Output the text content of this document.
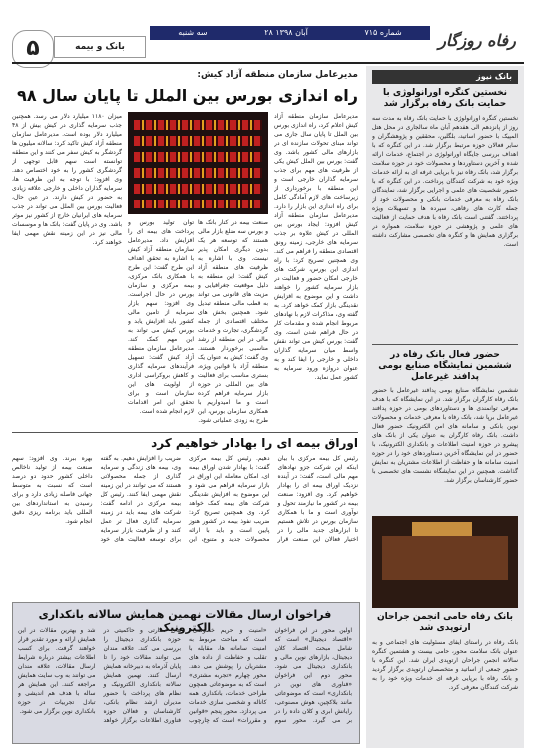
رفاه روزگار
سه شنبه	۲۸ آبان ۱۳۹۸	شماره ۷۱۵
۵	بانک و بیمه
بانک نیوز
نخستین کنگره اورانولوژی با حمایت بانک رفاه برگزار شد
نخستین کنگره اورانولوژی با حمایت بانک رفاه به مدت سه روز از پانزدهم الی هفدهم آبان ماه سالجاری در محل هتل المپیک با حضور اساتید، بلگلین، محققین و پژوهشگران و سایر فعالان حوزه مرتبط برگزار شد. در این کنگره که با اهداف بررسی جایگاه اورانولوژی در اجتماع، خدمات ارائه شده و آخرین دستاوردها و محصولات خود در حوزه سلامت برگزار شد، بانک رفاه نیز با برپایی غرفه ای به ارائه خدمات ویژه خود به شرکت کنندگان پرداخت. در این کنگره که با حضور شخصیت های علمی و اجرایی برگزار شد، نمایندگان بانک رفاه به معرفی خدمات بانکی و محصولات خود از جمله کارت های رفاهی، سپرده ها و تسهیلات ویژه پرداختند. گفتنی است بانک رفاه با هدف حمایت از فعالیت های علمی و پژوهشی در حوزه سلامت، همواره در برگزاری همایش ها و کنگره های تخصصی مشارکت داشته است.
حضور فعال بانک رفاه در ششمین نمایشگاه صنایع بومی پدافند غیرعامل
ششمین نمایشگاه صنایع بومی پدافند غیرعامل با حضور بانک رفاه کارگران برگزار شد. در این نمایشگاه که با هدف معرفی توانمندی ها و دستاوردهای بومی در حوزه پدافند غیرعامل برپا شد، بانک رفاه با معرفی خدمات و محصولات نوین بانکی و سامانه های امن الکترونیک حضور فعال داشت. بانک رفاه کارگران به عنوان یکی از بانک های پیشرو در حوزه امنیت اطلاعات و بانکداری الکترونیک، با حضور در این نمایشگاه آخرین دستاوردهای خود را در حوزه امنیت سامانه ها و حفاظت از اطلاعات مشتریان به نمایش گذاشت. همچنین در این نمایشگاه نشست های تخصصی با حضور کارشناسان برگزار شد.
بانک رفاه حامی انجمن جراحان ارتوپدی شد
بانک رفاه در راستای ایفای مسئولیت های اجتماعی و به عنوان بانک سلامت محور، حامی بیست و هشتمین کنگره سالانه انجمن جراحان ارتوپدی ایران شد. این کنگره با حضور جمعی از اساتید و متخصصان ارتوپدی برگزار گردید و بانک رفاه با برپایی غرفه ای خدمات ویژه خود را به شرکت کنندگان معرفی کرد.
مدیرعامل سازمان منطقه آزاد کیش:
راه اندازی بورس بین الملل تا پایان سال ۹۸
مدیرعامل سازمان منطقه آزاد کیش اعلام کرد، راه اندازی بورس بین الملل تا پایان سال جاری می تواند مبنای تحولات سازنده ای در بازارهای مالی کشور باشد. وی گفت: بورس بین الملل کیش یکی از ظرفیت های مهم برای جذب سرمایه گذاران خارجی است و این منطقه با برخورداری از زیرساخت های لازم آمادگی کامل برای راه اندازی این بازار را دارد. مدیرعامل سازمان منطقه آزاد کیش افزود: ایجاد بورس بین المللی در کیش علاوه بر جذب سرمایه های خارجی، زمینه رونق اقتصادی منطقه را فراهم می کند. وی همچنین تصریح کرد: با راه اندازی این بورس، شرکت های خارجی امکان حضور و فعالیت در بازار سرمایه کشور را خواهند داشت و این موضوع به افزایش نقدینگی بازار کمک خواهد کرد. به گفته وی، مذاکرات لازم با نهادهای مربوط انجام شده و مقدمات کار در حال فراهم شدن است. وی گفت: بورس کیش می تواند نقش واسط میان سرمایه گذاران داخلی و خارجی را ایفا کند و به عنوان دروازه ورود سرمایه به کشور عمل نماید.
صنعت بیمه در کنار بانک ها و بورس سه ضلع بازار مالی هستند که توسعه هر یک بدون دیگری امکان پذیر نیست. وی با اشاره به ظرفیت های منطقه آزاد کیش گفت: این منطقه به دلیل موقعیت جغرافیایی و مزیت های قانونی می تواند به قطب مالی منطقه تبدیل شود. همچنین بخش های مختلف اقتصادی از جمله گردشگری، تجارت و خدمات مالی در این منطقه از رشد مناسبی برخوردار هستند. وی گفت: کیش به عنوان یک منطقه آزاد با قوانین ویژه، بستری مناسب برای فعالیت های بین المللی در حوزه بازار سرمایه فراهم کرده است و ما امیدواریم با همکاری سازمان بورس، این طرح به زودی عملیاتی شود.
توان تولید بورس و پرداخت های بیمه ای را افزایش داد. مدیرعامل سازمان منطقه آزاد کیش با اشاره به تحقق اهداف این طرح گفت: این طرح با همکاری بانک مرکزی، بیمه مرکزی و سازمان بورس در حال اجراست. وی افزود: سهم بازار سرمایه از تامین مالی کشور باید افزایش یابد و بورس کیش می تواند به این مهم کمک کند. مدیرعامل سازمان منطقه آزاد کیش گفت: تسهیل فرآیندهای سرمایه گذاری و کاهش بروکراسی اداری از اولویت های این سازمان است و برای تحقق این امر اقدامات لازم انجام شده است.
میزان ۱۱۸۰ میلیارد دلار می رسد. همچنین جذب سرمایه گذاری در کیش بیش از ۴۸ میلیارد دلار بوده است. مدیرعامل سازمان منطقه آزاد کیش تاکید کرد: سالانه میلیون ها گردشگر به کیش سفر می کنند و این منطقه توانسته است سهم قابل توجهی از گردشگری کشور را به خود اختصاص دهد. وی افزود: با توجه به این ظرفیت ها، سرمایه گذاران داخلی و خارجی علاقه زیادی به حضور در کیش دارند. در عین حال، فعالیت بورس بین الملل می تواند در جذب سرمایه های ایرانیان خارج از کشور نیز موثر باشد. وی در پایان گفت: بانک ها و موسسات مالی نیز در این زمینه نقش مهمی ایفا خواهند کرد.
اوراق بیمه ای را بهادار خواهیم کرد
رئیس کل بیمه مرکزی با بیان اینکه این شرکت جزو نهادهای مهم مالی است، گفت: در آینده نزدیک اوراق بیمه ای را بهادار خواهیم کرد. وی افزود: صنعت بیمه در کشور ما نیازمند تحول و نوآوری است و ما با همکاری سازمان بورس در تلاش هستیم تا ابزارهای جدید مالی را در اختیار فعالان این صنعت قرار دهیم. رئیس کل بیمه مرکزی گفت: با بهادار شدن اوراق بیمه ای، امکان معامله این اوراق در بازار سرمایه فراهم می شود و این موضوع به افزایش نقدینگی شرکت های بیمه کمک خواهد کرد. وی همچنین تصریح کرد: ضریب نفوذ بیمه در کشور هنوز پایین است و باید با ارائه محصولات جدید و متنوع، این ضریب را افزایش دهیم. به گفته وی، بیمه های زندگی و سرمایه گذاری از جمله محصولاتی هستند که می توانند در این زمینه نقش مهمی ایفا کنند. رئیس کل بیمه مرکزی در ادامه گفت: شرکت های بیمه باید در زمینه سرمایه گذاری فعال تر عمل کنند و از ظرفیت بازار سرمایه برای توسعه فعالیت های خود بهره ببرند. وی افزود: سهم صنعت بیمه از تولید ناخالص داخلی کشور حدود دو درصد است که نسبت به متوسط جهانی فاصله زیادی دارد و برای رسیدن به استانداردهای بین المللی باید برنامه ریزی دقیق انجام شود.
فراخوان ارسال مقالات نهمین همایش سالانه بانکداری الکترونیک	اولین محور در این فراخوان «اقتصاد دیجیتال» است که شامل مبحث اقتصاد کلان دیجیتال، بازارهای نوین مالی و بانکداری دیجیتال می شود. محور دوم این فراخوان «فناوری های نوین در بانکداری» است که موضوعاتی مانند بلاکچین، هوش مصنوعی، رایانش ابری و کلان داده را در بر می گیرد. محور سوم «امنیت و حریم خصوصی» است که مباحث مربوط به امنیت سامانه ها، مقابله با تقلب و حفاظت از داده های مشتریان را پوشش می دهد. محور چهارم «تجربه مشتری» است که به موضوعاتی همچون طراحی خدمات، بانکداری همه کاناله و شخصی سازی خدمات می پردازد. محور پنجم «قوانین و مقررات» است که چارچوب های نظارتی و حاکمیتی در حوزه بانکداری دیجیتال را بررسی می کند. علاقه مندان می توانند مقالات خود را تا پایان آذرماه به دبیرخانه همایش ارسال کنند. نهمین همایش سالانه بانکداری الکترونیک و نظام های پرداخت با حضور مدیران ارشد نظام بانکی، کارشناسان و فعالان حوزه فناوری اطلاعات برگزار خواهد شد و بهترین مقالات در این همایش ارائه و مورد تقدیر قرار خواهند گرفت. برای کسب اطلاعات بیشتر درباره شرایط ارسال مقالات، علاقه مندان می توانند به وب سایت همایش مراجعه کنند. این همایش هر ساله با هدف هم اندیشی و تبادل تجربیات در حوزه بانکداری نوین برگزار می شود.
